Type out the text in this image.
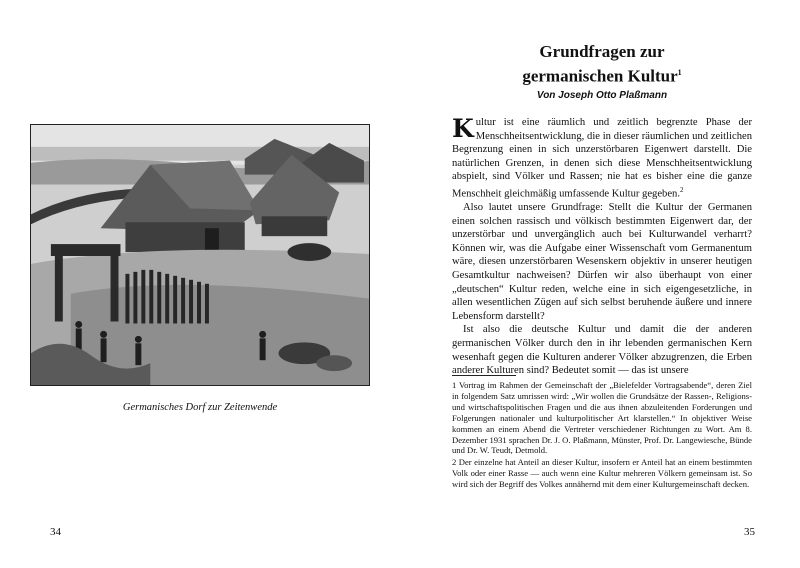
Germanisches Dorf zur Zeitenwende
34
Grundfragen zur
germanischen Kultur$^1$
Von Joseph Otto Plaßmann

Kultur ist eine räumlich und zeitlich begrenzte Phase der Menschheitsentwicklung, die in dieser räumlichen und zeitlichen Begrenzung einen in sich unzerstörbaren Eigenwert darstellt. Die natürlichen Grenzen, in denen sich diese Menschheitsentwicklung abspielt, sind Völker und Rassen; nie hat es bisher eine die ganze Menschheit gleichmäßig umfassende Kultur gegeben.$^2$

Also lautet unsere Grundfrage: Stellt die Kultur der Germanen einen solchen rassisch und völkisch bestimmten Eigenwert dar, der unzerstörbar und unvergänglich auch bei Kulturwandel verharrt? Können wir, was die Aufgabe einer Wissenschaft vom Germanentum wäre, diesen unzerstörbaren Wesenskern objektiv in unserer heutigen Gesamtkultur nachweisen? Dürfen wir also überhaupt von einer „deutschen“ Kultur reden, welche eine in sich eigengesetzliche, in allen wesentlichen Zügen auf sich selbst beruhende äußere und innere Lebensform darstellt?

Ist also die deutsche Kultur und damit die der anderen germanischen Völker durch den in ihr lebenden germanischen Kern wesenhaft gegen die Kulturen anderer Völker abzugrenzen, die Erben anderer Kulturen sind? Bedeutet somit — das ist unsere

1 Vortrag im Rahmen der Gemeinschaft der „Bielefelder Vortragsabende“, deren Ziel in folgendem Satz umrissen wird: „Wir wollen die Grundsätze der Rassen-, Religions- und wirtschaftspolitischen Fragen und die aus ihnen abzuleitenden Forderungen und Folgerungen nationaler und kulturpolitischer Art klarstellen.“ In objektiver Weise kommen an einem Abend die Vertreter verschiedener Richtungen zu Wort. Am 8. Dezember 1931 sprachen Dr. J. O. Plaßmann, Münster, Prof. Dr. Langewiesche, Bünde und Dr. W. Teudt, Detmold.

2 Der einzelne hat Anteil an dieser Kultur, insofern er Anteil hat an einem bestimmten Volk oder einer Rasse — auch wenn eine Kultur mehreren Völkern gemeinsam ist. So wird sich der Begriff des Volkes annähernd mit dem einer Kulturgemeinschaft decken.

35
